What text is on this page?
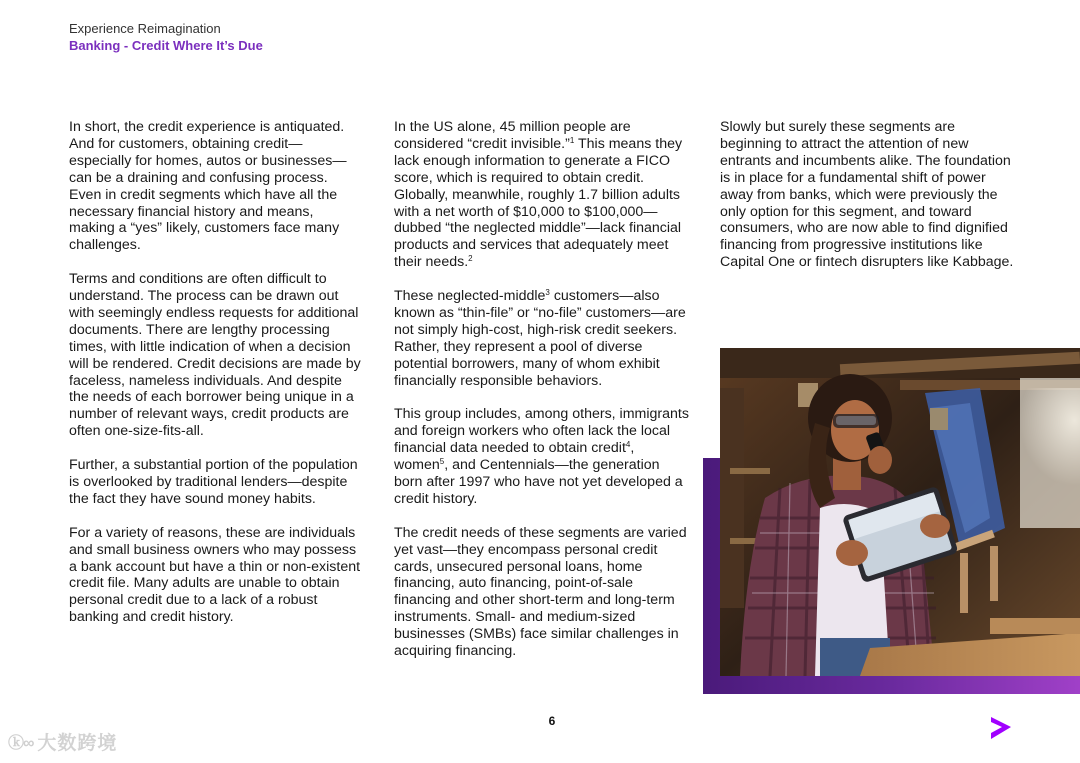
Experience Reimagination
Banking - Credit Where It’s Due

In short, the credit experience is antiquated. And for customers, obtaining credit—especially for homes, autos or businesses—can be a draining and confusing process. Even in credit segments which have all the necessary financial history and means, making a “yes” likely, customers face many challenges.

Terms and conditions are often difficult to understand. The process can be drawn out with seemingly endless requests for additional documents. There are lengthy processing times, with little indication of when a decision will be rendered. Credit decisions are made by faceless, nameless individuals. And despite the needs of each borrower being unique in a number of relevant ways, credit products are often one-size-fits-all.

Further, a substantial portion of the population is overlooked by traditional lenders—despite the fact they have sound money habits.

For a variety of reasons, these are individuals and small business owners who may possess a bank account but have a thin or non-existent credit file. Many adults are unable to obtain personal credit due to a lack of a robust banking and credit history.

In the US alone, 45 million people are considered “credit invisible.”$^1$ This means they lack enough information to generate a FICO score, which is required to obtain credit. Globally, meanwhile, roughly 1.7 billion adults with a net worth of $10,000 to $100,000—dubbed “the neglected middle”—lack financial products and services that adequately meet their needs.$^2$

These neglected-middle$^3$ customers—also known as “thin-file” or “no-file” customers—are not simply high-cost, high-risk credit seekers. Rather, they represent a pool of diverse potential borrowers, many of whom exhibit financially responsible behaviors.

This group includes, among others, immigrants and foreign workers who often lack the local financial data needed to obtain credit$^4$, women$^5$, and Centennials—the generation born after 1997 who have not yet developed a credit history.

The credit needs of these segments are varied yet vast—they encompass personal credit cards, unsecured personal loans, home financing, auto financing, point-of-sale financing and other short-term and long-term instruments. Small- and medium-sized businesses (SMBs) face similar challenges in acquiring financing.

Slowly but surely these segments are beginning to attract the attention of new entrants and incumbents alike. The foundation is in place for a fundamental shift of power away from banks, which were previously the only option for this segment, and toward consumers, who are now able to find dignified financing from progressive institutions like Capital One or fintech disrupters like Kabbage.

6
ⓚ∞ 大数跨境
